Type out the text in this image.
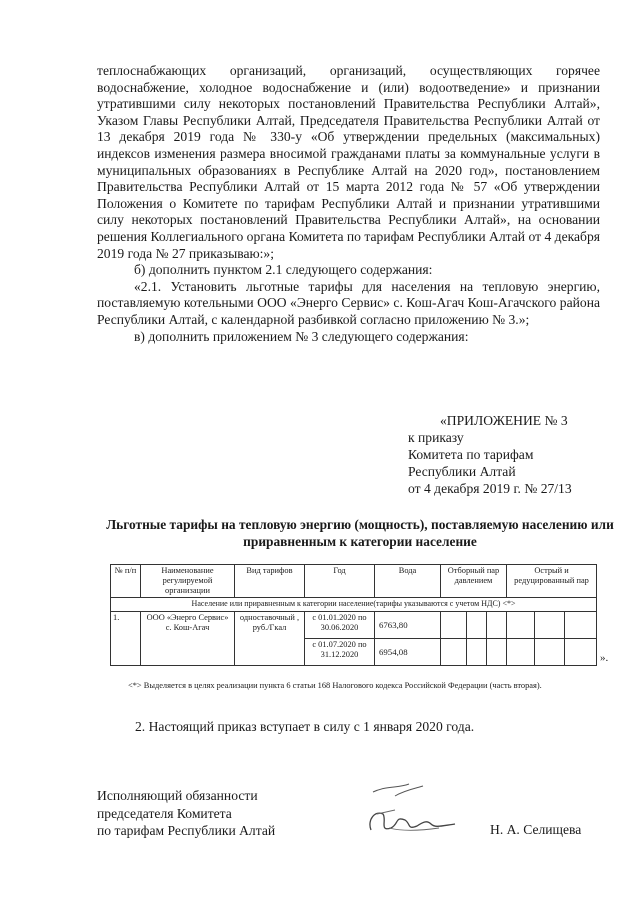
теплоснабжающих организаций, организаций, осуществляющих горячее водоснабжение, холодное водоснабжение и (или) водоотведение» и признании утратившими силу некоторых постановлений Правительства Республики Алтай», Указом Главы Республики Алтай, Председателя Правительства Республики Алтай от 13 декабря 2019 года № 330-у «Об утверждении предельных (максимальных) индексов изменения размера вносимой гражданами платы за коммунальные услуги в муниципальных образованиях в Республике Алтай на 2020 год», постановлением Правительства Республики Алтай от 15 марта 2012 года № 57 «Об утверждении Положения о Комитете по тарифам Республики Алтай и признании утратившими силу некоторых постановлений Правительства Республики Алтай», на основании решения Коллегиального органа Комитета по тарифам Республики Алтай от 4 декабря 2019 года № 27 приказываю:»;

б) дополнить пунктом 2.1 следующего содержания:

«2.1. Установить льготные тарифы для населения на тепловую энергию, поставляемую котельными ООО «Энерго Сервис» с. Кош-Агач Кош-Агачского района Республики Алтай, с календарной разбивкой согласно приложению № 3.»;

в) дополнить приложением № 3 следующего содержания:

«ПРИЛОЖЕНИЕ № 3
к приказу
Комитета по тарифам
Республики Алтай
от 4 декабря 2019 г. № 27/13
Льготные тарифы на тепловую энергию (мощность), поставляемую населению или приравненным к категории население
№ п/п	Наименование регулируемой организации	Вид тарифов	Год	Вода	Отборный пар давлением			Острый и редуцированный пар		
Население или приравненным к категории население(тарифы указываются с учетом НДС) <*>										
1.	ООО «Энерго Сервис» с. Кош-Агач	одноставочный , руб./Гкал	с 01.01.2020 по 30.06.2020	6763,80						
			с 01.07.2020 по 31.12.2020	6954,08							».
<*> Выделяется в целях реализации пункта 6 статьи 168 Налогового кодекса Российской Федерации (часть вторая).
2. Настоящий приказ вступает в силу с 1 января 2020 года.
Исполняющий обязанности
председателя Комитета
по тарифам Республики Алтай	Н. А. Селищева
